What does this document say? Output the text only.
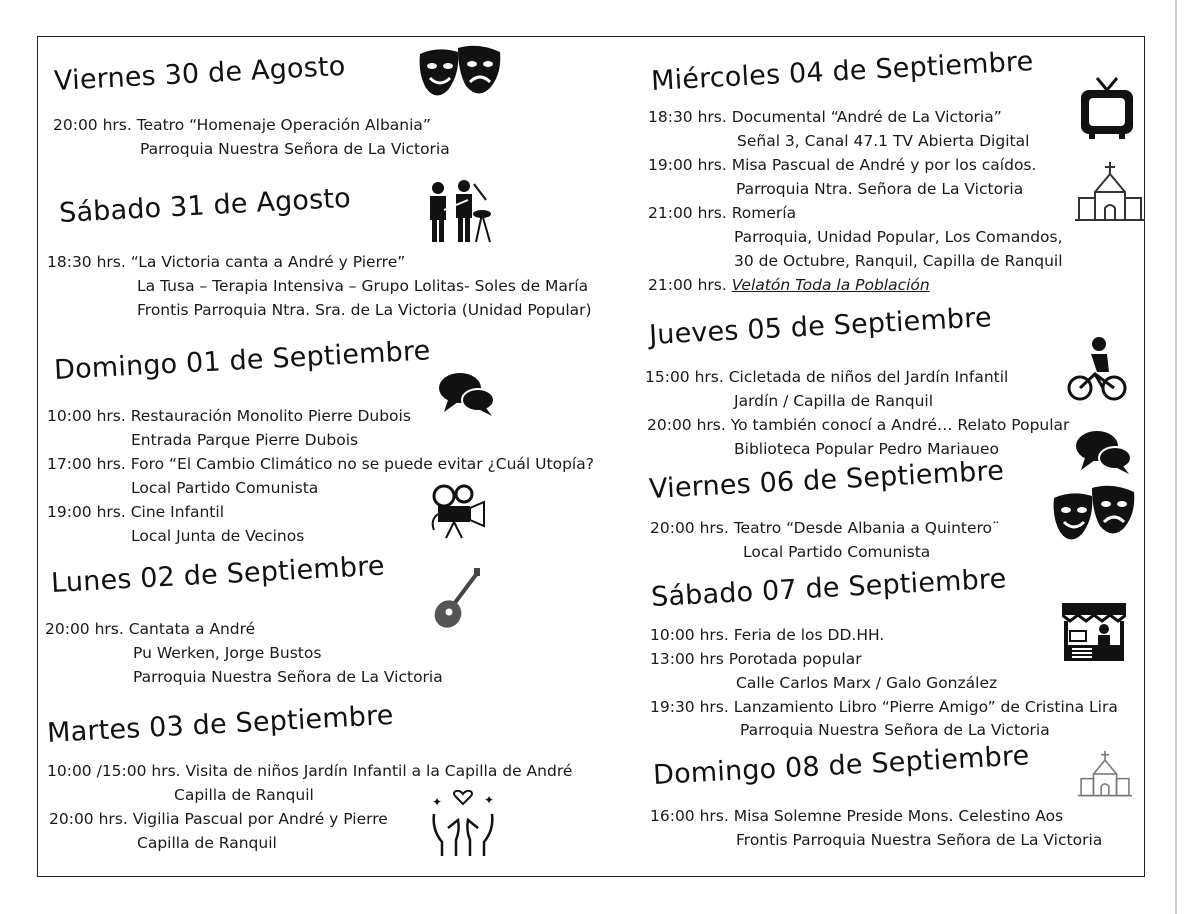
Viernes 30 de Agosto

20:00 hrs. Teatro “Homenaje Operación Albania”

Parroquia Nuestra Señora de La Victoria

Sábado 31 de Agosto

18:30 hrs. “La Victoria canta a André y Pierre”

La Tusa – Terapia Intensiva – Grupo Lolitas- Soles de María

Frontis Parroquia Ntra. Sra. de La Victoria (Unidad Popular)

Domingo 01 de Septiembre

10:00 hrs. Restauración Monolito Pierre Dubois

Entrada Parque Pierre Dubois

17:00 hrs. Foro “El Cambio Climático no se puede evitar ¿Cuál Utopía?

Local Partido Comunista

19:00 hrs. Cine Infantil

Local Junta de Vecinos

Lunes 02 de Septiembre

20:00 hrs. Cantata a André

Pu Werken, Jorge Bustos

Parroquia Nuestra Señora de La Victoria

Martes 03 de Septiembre

10:00 /15:00 hrs. Visita de niños Jardín Infantil a la Capilla de André

Capilla de Ranquil

20:00 hrs. Vigilia Pascual por André y Pierre

Capilla de Ranquil

✦	✦
Miércoles 04 de Septiembre

18:30 hrs. Documental “André de La Victoria”

Señal 3, Canal 47.1 TV Abierta Digital

19:00 hrs. Misa Pascual de André y por los caídos.

Parroquia Ntra. Señora de La Victoria

21:00 hrs. Romería

Parroquia, Unidad Popular, Los Comandos,

30 de Octubre, Ranquil, Capilla de Ranquil

21:00 hrs. Velatón Toda la Población

Jueves 05 de Septiembre

15:00 hrs. Cicletada de niños del Jardín Infantil

Jardín / Capilla de Ranquil

20:00 hrs. Yo también conocí a André… Relato Popular

Biblioteca Popular Pedro Mariaueo

Viernes 06 de Septiembre

20:00 hrs. Teatro “Desde Albania a Quintero¨

Local Partido Comunista

Sábado 07 de Septiembre

10:00 hrs. Feria de los DD.HH.

13:00 hrs Porotada popular

Calle Carlos Marx / Galo González

19:30 hrs. Lanzamiento Libro “Pierre Amigo” de Cristina Lira

Parroquia Nuestra Señora de La Victoria

Domingo 08 de Septiembre

16:00 hrs. Misa Solemne Preside Mons. Celestino Aos

Frontis Parroquia Nuestra Señora de La Victoria
